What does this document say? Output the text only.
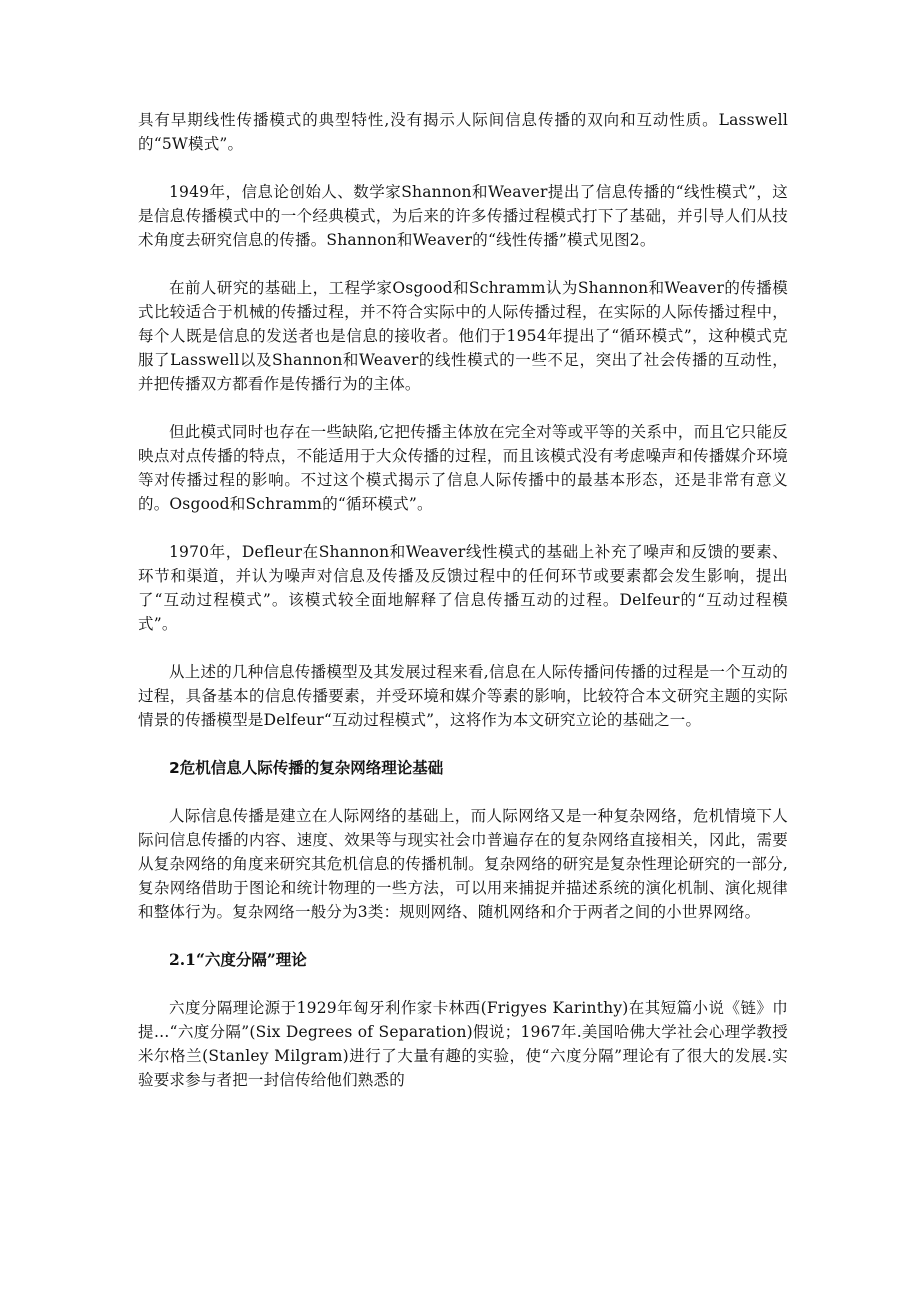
具有早期线性传播模式的典型特性,没有揭示人际间信息传播的双向和互动性质。Lasswell的“5W模式”。

1949年，信息论创始人、数学家Shannon和Weaver提出了信息传播的“线性模式”，这是信息传播模式中的一个经典模式，为后来的许多传播过程模式打下了基础，并引导人们从技术角度去研究信息的传播。Shannon和Weaver的“线性传播”模式见图2。

在前人研究的基础上，工程学家Osgood和Schramm认为Shannon和Weaver的传播模式比较适合于机械的传播过程，并不符合实际中的人际传播过程，在实际的人际传播过程中，每个人既是信息的发送者也是信息的接收者。他们于1954年提出了“循环模式”，这种模式克服了Lasswell以及Shannon和Weaver的线性模式的一些不足，突出了社会传播的互动性，并把传播双方都看作是传播行为的主体。

但此模式同时也存在一些缺陷,它把传播主体放在完全对等或平等的关系中，而且它只能反映点对点传播的特点，不能适用于大众传播的过程，而且该模式没有考虑噪声和传播媒介环境等对传播过程的影响。不过这个模式揭示了信息人际传播中的最基本形态，还是非常有意义的。Osgood和Schramm的“循环模式”。

1970年，Defleur在Shannon和Weaver线性模式的基础上补充了噪声和反馈的要素、环节和渠道，并认为噪声对信息及传播及反馈过程中的任何环节或要素都会发生影响，提出了“互动过程模式”。该模式较全面地解释了信息传播互动的过程。Delfeur的“互动过程模式”。

从上述的几种信息传播模型及其发展过程来看,信息在人际传播问传播的过程是一个互动的过程，具备基本的信息传播要素，并受环境和媒介等素的影响，比较符合本文研究主题的实际情景的传播模型是Delfeur“互动过程模式”，这将作为本文研究立论的基础之一。

2危机信息人际传播的复杂网络理论基础

人际信息传播是建立在人际网络的基础上，而人际网络又是一种复杂网络，危机情境下人际问信息传播的内容、速度、效果等与现实社会巾普遍存在的复杂网络直接相关，冈此，需要从复杂网络的角度来研究其危机信息的传播机制。复杂网络的研究是复杂性理论研究的一部分,复杂网络借助于图论和统计物理的一些方法，可以用来捕捉并描述系统的演化机制、演化规律和整体行为。复杂网络一般分为3类：规则网络、随机网络和介于两者之间的小世界网络。

2.1“六度分隔”理论

六度分隔理论源于1929年匈牙利作家卡林西(Frigyes Karinthy)在其短篇小说《链》巾提…“六度分隔”(Six Degrees of Separation)假说；1967年.美国哈佛大学社会心理学教授米尔格兰(Stanley Milgram)进行了大量有趣的实验，使“六度分隔”理论有了很大的发展.实验要求参与者把一封信传给他们熟悉的
